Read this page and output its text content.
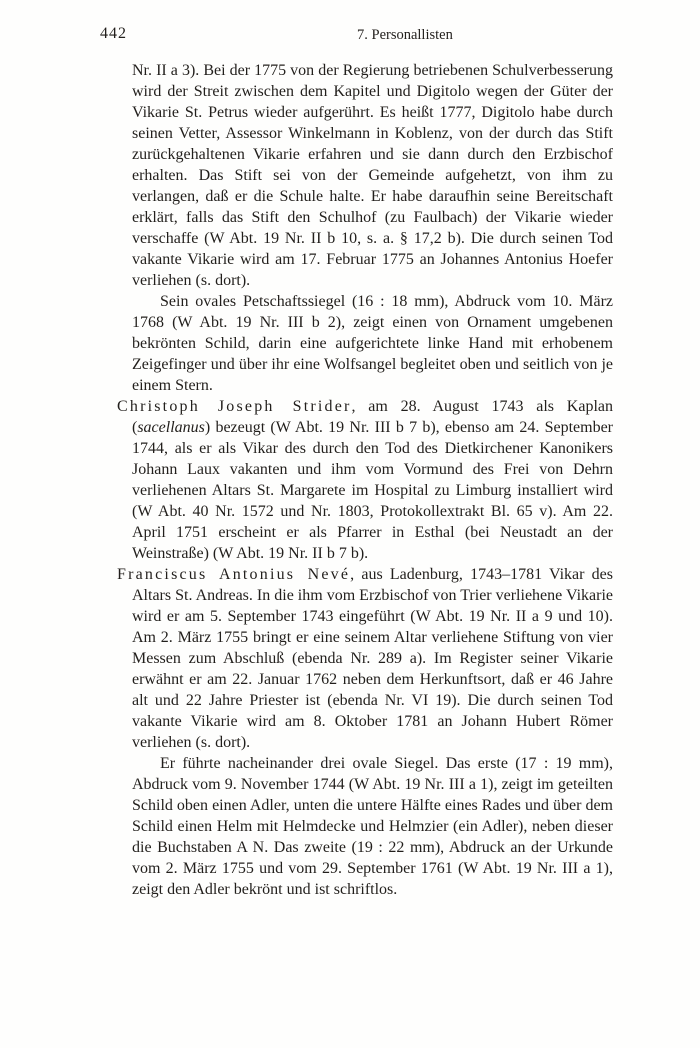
442	7. Personallisten

Nr. II a 3). Bei der 1775 von der Regierung betriebenen Schulverbesserung wird der Streit zwischen dem Kapitel und Digitolo wegen der Güter der Vikarie St. Petrus wieder aufgerührt. Es heißt 1777, Digitolo habe durch seinen Vetter, Assessor Winkelmann in Koblenz, von der durch das Stift zurückgehaltenen Vikarie erfahren und sie dann durch den Erzbischof erhalten. Das Stift sei von der Gemeinde aufgehetzt, von ihm zu verlangen, daß er die Schule halte. Er habe daraufhin seine Bereitschaft erklärt, falls das Stift den Schulhof (zu Faulbach) der Vikarie wieder verschaffe (W Abt. 19 Nr. II b 10, s. a. § 17,2 b). Die durch seinen Tod vakante Vikarie wird am 17. Februar 1775 an Johannes Antonius Hoefer verliehen (s. dort).

Sein ovales Petschaftssiegel (16 : 18 mm), Abdruck vom 10. März 1768 (W Abt. 19 Nr. III b 2), zeigt einen von Ornament umgebenen bekrönten Schild, darin eine aufgerichtete linke Hand mit erhobenem Zeigefinger und über ihr eine Wolfsangel begleitet oben und seitlich von je einem Stern.

Christoph Joseph Strider, am 28. August 1743 als Kaplan (sacellanus) bezeugt (W Abt. 19 Nr. III b 7 b), ebenso am 24. September 1744, als er als Vikar des durch den Tod des Dietkirchener Kanonikers Johann Laux vakanten und ihm vom Vormund des Frei von Dehrn verliehenen Altars St. Margarete im Hospital zu Limburg installiert wird (W Abt. 40 Nr. 1572 und Nr. 1803, Protokollextrakt Bl. 65 v). Am 22. April 1751 erscheint er als Pfarrer in Esthal (bei Neustadt an der Weinstraße) (W Abt. 19 Nr. II b 7 b).

Franciscus Antonius Nevé, aus Ladenburg, 1743–1781 Vikar des Altars St. Andreas. In die ihm vom Erzbischof von Trier verliehene Vikarie wird er am 5. September 1743 eingeführt (W Abt. 19 Nr. II a 9 und 10). Am 2. März 1755 bringt er eine seinem Altar verliehene Stiftung von vier Messen zum Abschluß (ebenda Nr. 289 a). Im Register seiner Vikarie erwähnt er am 22. Januar 1762 neben dem Herkunftsort, daß er 46 Jahre alt und 22 Jahre Priester ist (ebenda Nr. VI 19). Die durch seinen Tod vakante Vikarie wird am 8. Oktober 1781 an Johann Hubert Römer verliehen (s. dort).

Er führte nacheinander drei ovale Siegel. Das erste (17 : 19 mm), Abdruck vom 9. November 1744 (W Abt. 19 Nr. III a 1), zeigt im geteilten Schild oben einen Adler, unten die untere Hälfte eines Rades und über dem Schild einen Helm mit Helmdecke und Helmzier (ein Adler), neben dieser die Buchstaben A N. Das zweite (19 : 22 mm), Abdruck an der Urkunde vom 2. März 1755 und vom 29. September 1761 (W Abt. 19 Nr. III a 1), zeigt den Adler bekrönt und ist schriftlos.
